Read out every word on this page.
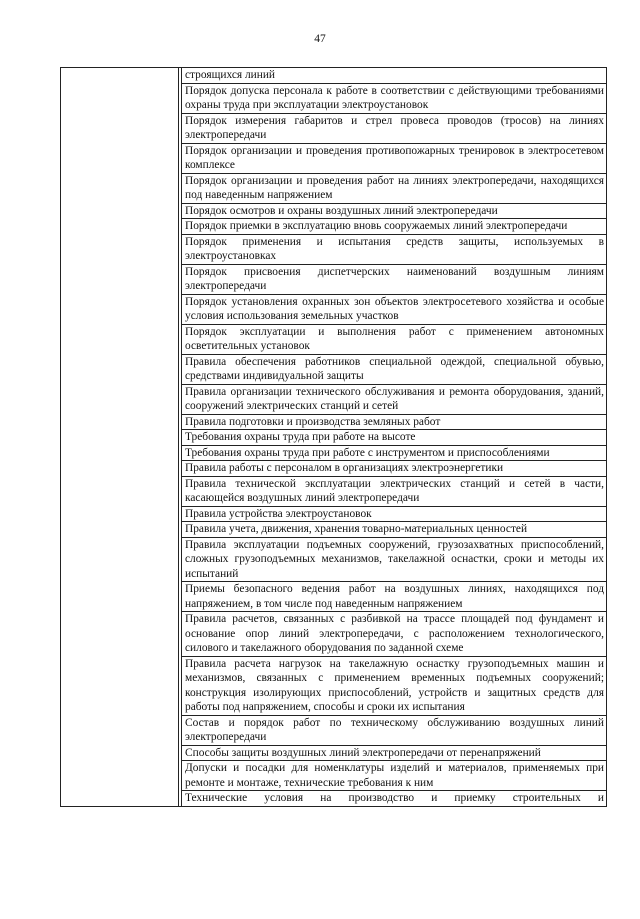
47

строящихся линий
Порядок допуска персонала к работе в соответствии с действующими требованиями охраны труда при эксплуатации электроустановок
Порядок измерения габаритов и стрел провеса проводов (тросов) на линиях электропередачи
Порядок организации и проведения противопожарных тренировок в электросетевом комплексе
Порядок организации и проведения работ на линиях электропередачи, находящихся под наведенным напряжением
Порядок осмотров и охраны воздушных линий электропередачи
Порядок приемки в эксплуатацию вновь сооружаемых линий электропередачи
Порядок применения и испытания средств защиты, используемых в электроустановках
Порядок присвоения диспетчерских наименований воздушным линиям электропередачи
Порядок установления охранных зон объектов электросетевого хозяйства и особые условия использования земельных участков
Порядок эксплуатации и выполнения работ с применением автономных осветительных установок
Правила обеспечения работников специальной одеждой, специальной обувью, средствами индивидуальной защиты
Правила организации технического обслуживания и ремонта оборудования, зданий, сооружений электрических станций и сетей
Правила подготовки и производства земляных работ
Требования охраны труда при работе на высоте
Требования охраны труда при работе с инструментом и приспособлениями
Правила работы с персоналом в организациях электроэнергетики
Правила технической эксплуатации электрических станций и сетей в части, касающейся воздушных линий электропередачи
Правила устройства электроустановок
Правила учета, движения, хранения товарно-материальных ценностей
Правила эксплуатации подъемных сооружений, грузозахватных приспособлений, сложных грузоподъемных механизмов, такелажной оснастки, сроки и методы их испытаний
Приемы безопасного ведения работ на воздушных линиях, находящихся под напряжением, в том числе под наведенным напряжением
Правила расчетов, связанных с разбивкой на трассе площадей под фундамент и основание опор линий электропередачи, с расположением технологического, силового и такелажного оборудования по заданной схеме
Правила расчета нагрузок на такелажную оснастку грузоподъемных машин и механизмов, связанных с применением временных подъемных сооружений; конструкция изолирующих приспособлений, устройств и защитных средств для работы под напряжением, способы и сроки их испытания
Состав и порядок работ по техническому обслуживанию воздушных линий электропередачи
Способы защиты воздушных линий электропередачи от перенапряжений
Допуски и посадки для номенклатуры изделий и материалов, применяемых при ремонте и монтаже, технические требования к ним
Технические условия на производство и приемку строительных и
